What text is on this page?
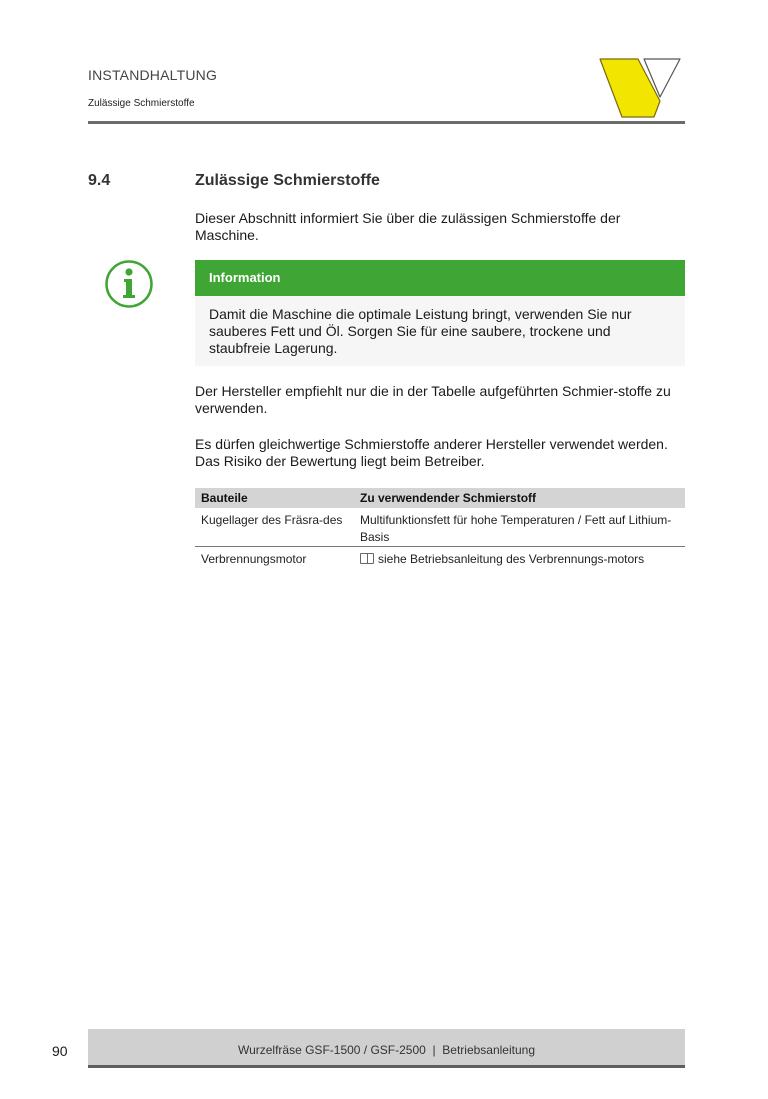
INSTANDHALTUNG
Zulässige Schmierstoffe
9.4	Zulässige Schmierstoffe
Dieser Abschnitt informiert Sie über die zulässigen Schmierstoffe der Maschine.
Information
Damit die Maschine die optimale Leistung bringt, verwenden Sie nur sauberes Fett und Öl. Sorgen Sie für eine saubere, trockene und staubfreie Lagerung.
Der Hersteller empfiehlt nur die in der Tabelle aufgeführten Schmier-stoffe zu verwenden.
Es dürfen gleichwertige Schmierstoffe anderer Hersteller verwendet werden. Das Risiko der Bewertung liegt beim Betreiber.
Bauteile	Zu verwendender Schmierstoff
Kugellager des Fräsra-des	Multifunktionsfett für hohe Temperaturen / Fett auf Lithium-Basis
Verbrennungsmotor	siehe Betriebsanleitung des Verbrennungs-motors
90	Wurzelfräse GSF-1500 / GSF-2500  |  Betriebsanleitung
